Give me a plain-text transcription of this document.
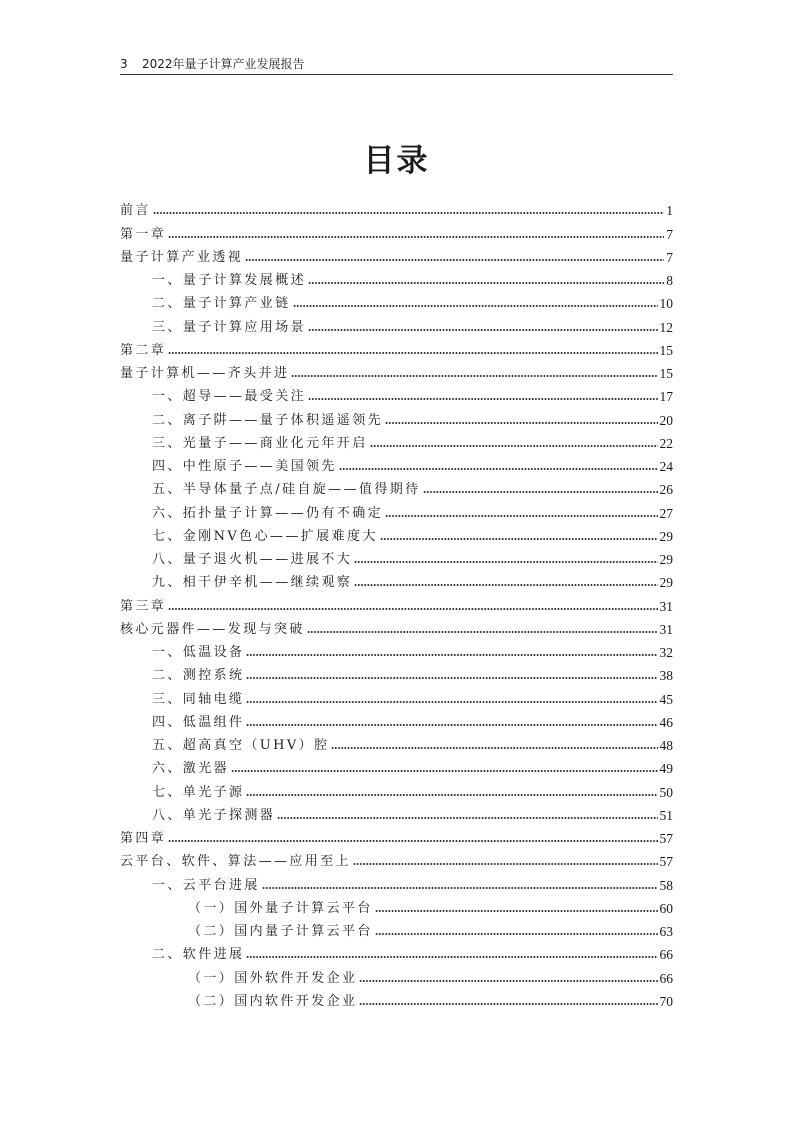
3 2022年量子计算产业发展报告
目录
前言	1
第一章	7
量子计算产业透视	7
一、量子计算发展概述	8
二、量子计算产业链	10
三、量子计算应用场景	12
第二章	15
量子计算机——齐头并进	15
一、超导——最受关注	17
二、离子阱——量子体积遥遥领先	20
三、光量子——商业化元年开启	22
四、中性原子——美国领先	24
五、半导体量子点/硅自旋——值得期待	26
六、拓扑量子计算——仍有不确定	27
七、金刚NV色心——扩展难度大	29
八、量子退火机——进展不大	29
九、相干伊辛机——继续观察	29
第三章	31
核心元器件——发现与突破	31
一、低温设备	32
二、测控系统	38
三、同轴电缆	45
四、低温组件	46
五、超高真空（UHV）腔	48
六、激光器	49
七、单光子源	50
八、单光子探测器	51
第四章	57
云平台、软件、算法——应用至上	57
一、云平台进展	58
（一）国外量子计算云平台	60
（二）国内量子计算云平台	63
二、软件进展	66
（一）国外软件开发企业	66
（二）国内软件开发企业	70
